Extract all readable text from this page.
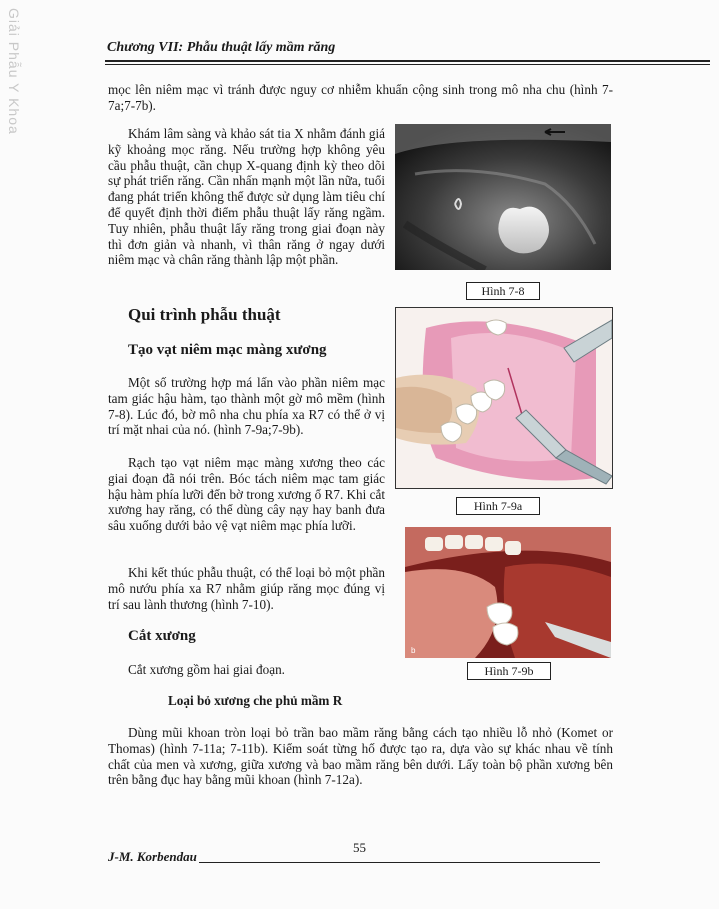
Giải Phẫu Y Khoa	Chương VII: Phẫu thuật lấy mầm răng

mọc lên niêm mạc vì tránh được nguy cơ nhiễm khuẩn cộng sinh trong mô nha chu (hình 7-7a;7-7b).

Khám lâm sàng và khảo sát tia X nhằm đánh giá kỹ khoảng mọc răng. Nếu trường hợp không yêu cầu phẫu thuật, cần chụp X-quang định kỳ theo dõi sự phát triển răng. Cần nhấn mạnh một lần nữa, tuổi đang phát triển không thể được sử dụng làm tiêu chí để quyết định thời điểm phẫu thuật lấy răng ngầm. Tuy nhiên, phẫu thuật lấy răng trong giai đoạn này thì đơn giản và nhanh, vì thân răng ở ngay dưới niêm mạc và chân răng thành lập một phần.

Hình 7-8
Qui trình phẫu thuật
Tạo vạt niêm mạc màng xương
Hình 7-9a

Một số trường hợp má lấn vào phần niêm mạc tam giác hậu hàm, tạo thành một gờ mô mềm (hình 7-8). Lúc đó, bờ mô nha chu phía xa R7 có thể ở vị trí mặt nhai của nó. (hình 7-9a;7-9b).

Rạch tạo vạt niêm mạc màng xương theo các giai đoạn đã nói trên. Bóc tách niêm mạc tam giác hậu hàm phía lưỡi đến bờ trong xương ổ R7. Khi cắt xương hay răng, có thể dùng cây nạy hay banh đưa sâu xuống dưới bảo vệ vạt niêm mạc phía lưỡi.

b
Hình 7-9b

Khi kết thúc phẫu thuật, có thể loại bỏ một phần mô nướu phía xa R7 nhằm giúp răng mọc đúng vị trí sau lành thương (hình 7-10).

Cắt xương

Cắt xương gồm hai giai đoạn.

Loại bỏ xương che phủ mầm R

Dùng mũi khoan tròn loại bỏ trần bao mầm răng bằng cách tạo nhiều lỗ nhỏ (Komet or Thomas) (hình 7-11a; 7-11b). Kiểm soát từng hố được tạo ra, dựa vào sự khác nhau về tính chất của men và xương, giữa xương và bao mầm răng bên dưới. Lấy toàn bộ phần xương bên trên bằng đục hay bằng mũi khoan (hình 7-12a).

55
J-M. Korbendau
